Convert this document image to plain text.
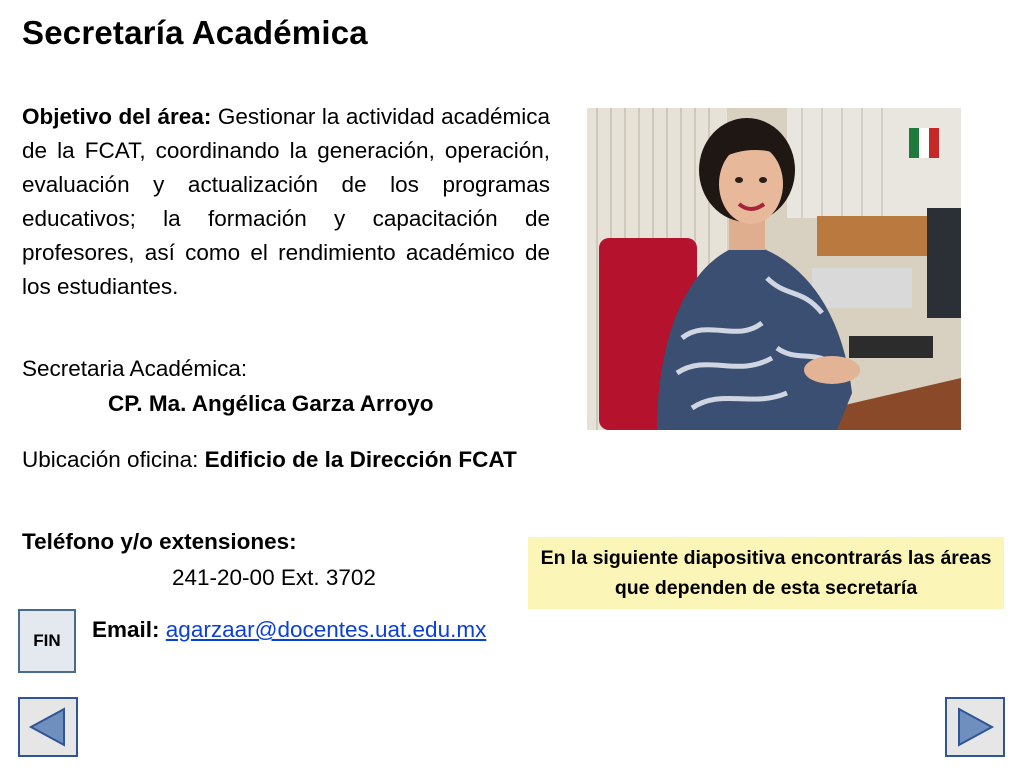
Secretaría Académica
Objetivo del área: Gestionar la actividad académica de la FCAT, coordinando la generación, operación, evaluación y actualización de los programas educativos; la formación y capacitación de profesores, así como el rendimiento académico de los estudiantes.
Secretaria Académica:
CP. Ma. Angélica Garza Arroyo
Ubicación oficina: Edificio de la Dirección FCAT
Teléfono y/o extensiones:
241-20-00 Ext. 3702
Email: agarzaar@docentes.uat.edu.mx
FIN
En la siguiente diapositiva encontrarás las áreas que dependen de esta secretaría
